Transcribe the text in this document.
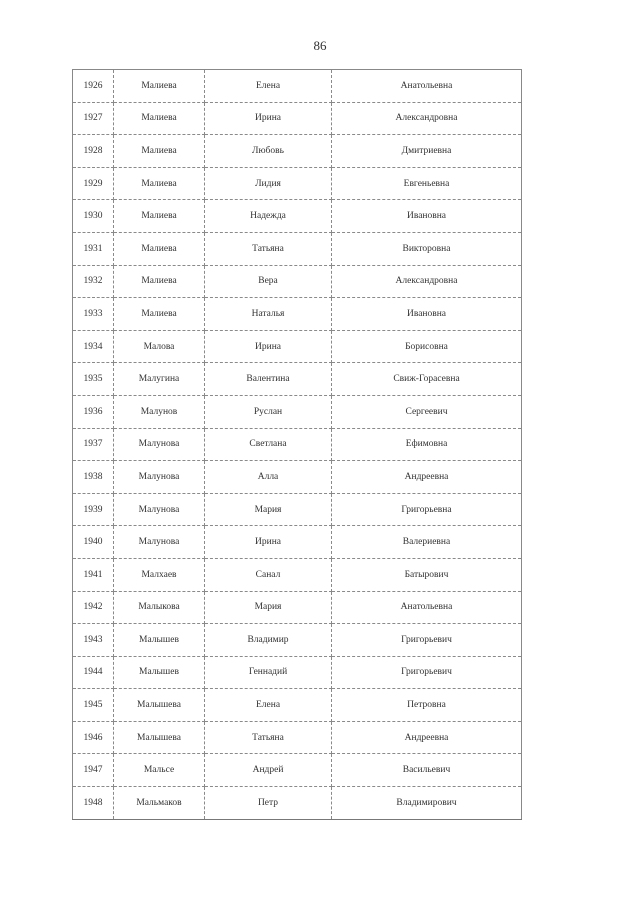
86
1926	Малиева	Елена	Анатольевна
1927	Малиева	Ирина	Александровна
1928	Малиева	Любовь	Дмитриевна
1929	Малиева	Лидия	Евгеньевна
1930	Малиева	Надежда	Ивановна
1931	Малиева	Татьяна	Викторовна
1932	Малиева	Вера	Александровна
1933	Малиева	Наталья	Ивановна
1934	Малова	Ирина	Борисовна
1935	Малугина	Валентина	Свиж-Горасевна
1936	Малунов	Руслан	Сергеевич
1937	Малунова	Светлана	Ефимовна
1938	Малунова	Алла	Андреевна
1939	Малунова	Мария	Григорьевна
1940	Малунова	Ирина	Валериевна
1941	Малхаев	Санал	Батырович
1942	Малыкова	Мария	Анатольевна
1943	Малышев	Владимир	Григорьевич
1944	Малышев	Геннадий	Григорьевич
1945	Малышева	Елена	Петровна
1946	Малышева	Татьяна	Андреевна
1947	Мальсе	Андрей	Васильевич
1948	Мальмаков	Петр	Владимирович
